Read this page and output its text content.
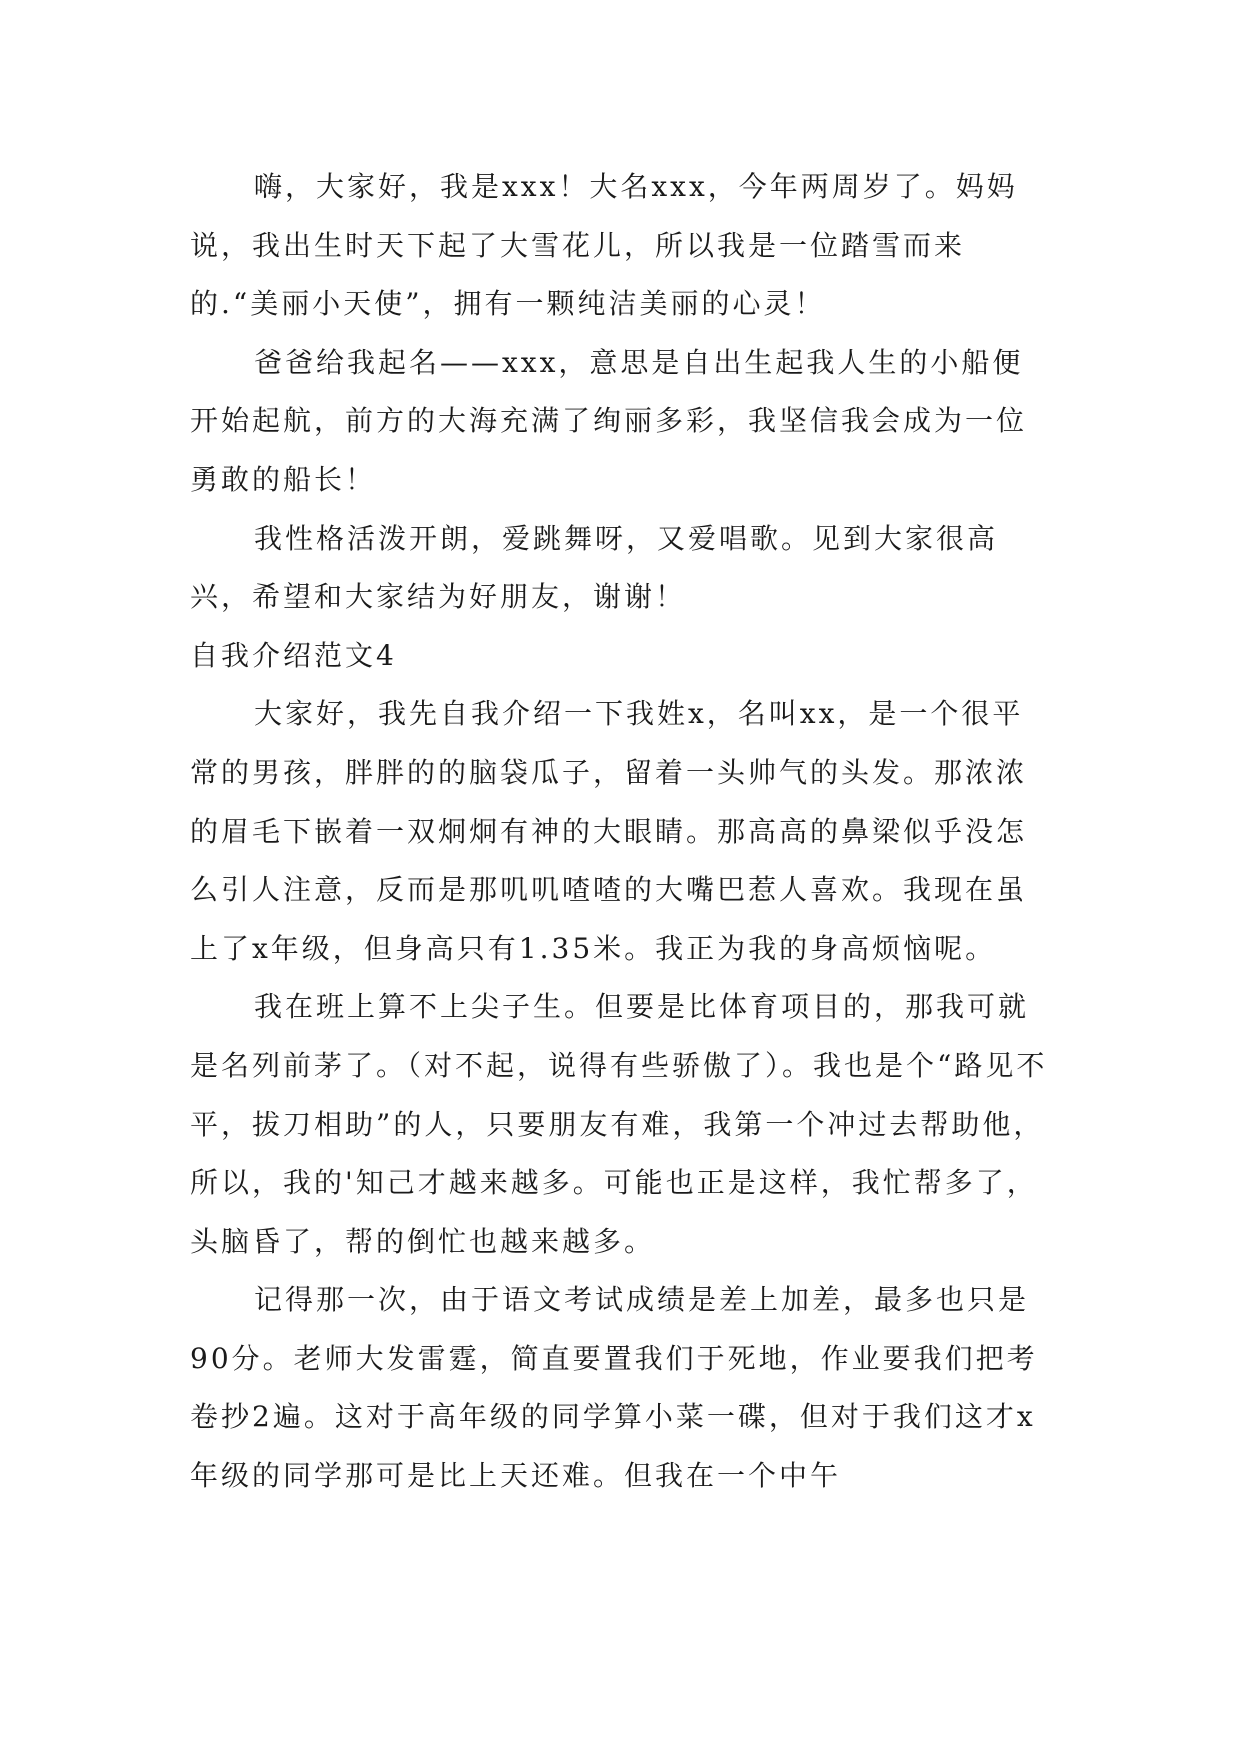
嗨，大家好，我是xxx！大名xxx，今年两周岁了。妈妈说，我出生时天下起了大雪花儿，所以我是一位踏雪而来的.“美丽小天使”，拥有一颗纯洁美丽的心灵！

爸爸给我起名——xxx，意思是自出生起我人生的小船便开始起航，前方的大海充满了绚丽多彩，我坚信我会成为一位勇敢的船长！

我性格活泼开朗，爱跳舞呀，又爱唱歌。见到大家很高兴，希望和大家结为好朋友，谢谢！

自我介绍范文4

大家好，我先自我介绍一下我姓x，名叫xx，是一个很平常的男孩，胖胖的的脑袋瓜子，留着一头帅气的头发。那浓浓的眉毛下嵌着一双炯炯有神的大眼睛。那高高的鼻梁似乎没怎么引人注意，反而是那叽叽喳喳的大嘴巴惹人喜欢。我现在虽上了x年级，但身高只有1.35米。我正为我的身高烦恼呢。

我在班上算不上尖子生。但要是比体育项目的，那我可就是名列前茅了。（对不起，说得有些骄傲了）。我也是个“路见不平，拔刀相助”的人，只要朋友有难，我第一个冲过去帮助他，所以，我的'知己才越来越多。可能也正是这样，我忙帮多了，头脑昏了，帮的倒忙也越来越多。

记得那一次，由于语文考试成绩是差上加差，最多也只是90分。老师大发雷霆，简直要置我们于死地，作业要我们把考卷抄2遍。这对于高年级的同学算小菜一碟，但对于我们这才x年级的同学那可是比上天还难。但我在一个中午
